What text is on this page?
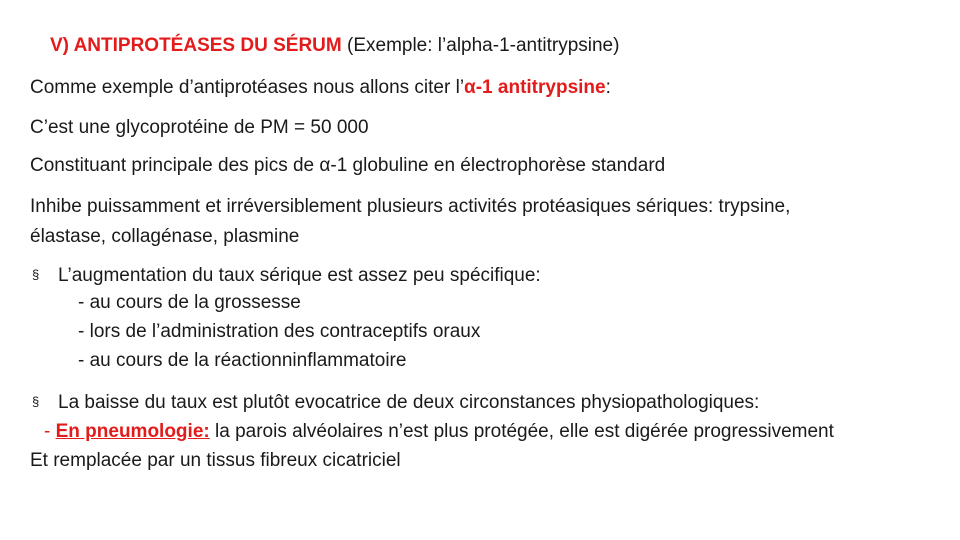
V) ANTIPROTÉASES DU SÉRUM (Exemple: l’alpha-1-antitrypsine)
Comme exemple d’antiprotéases nous allons citer l’α-1 antitrypsine:
C’est une glycoprotéine de PM = 50 000
Constituant principale des pics de α-1 globuline en électrophorèse standard
Inhibe puissamment et irréversiblement plusieurs activités protéasiques sériques: trypsine,
élastase, collagénase, plasmine
§ L’augmentation du taux sérique est assez peu spécifique:
- au cours de la grossesse
- lors de l’administration des contraceptifs oraux
- au cours de la réactionninflammatoire
§ La baisse du taux est plutôt evocatrice de deux circonstances physiopathologiques:
- En pneumologie: la parois alvéolaires n’est plus protégée, elle est digérée progressivement
Et remplacée par un tissus fibreux cicatriciel
